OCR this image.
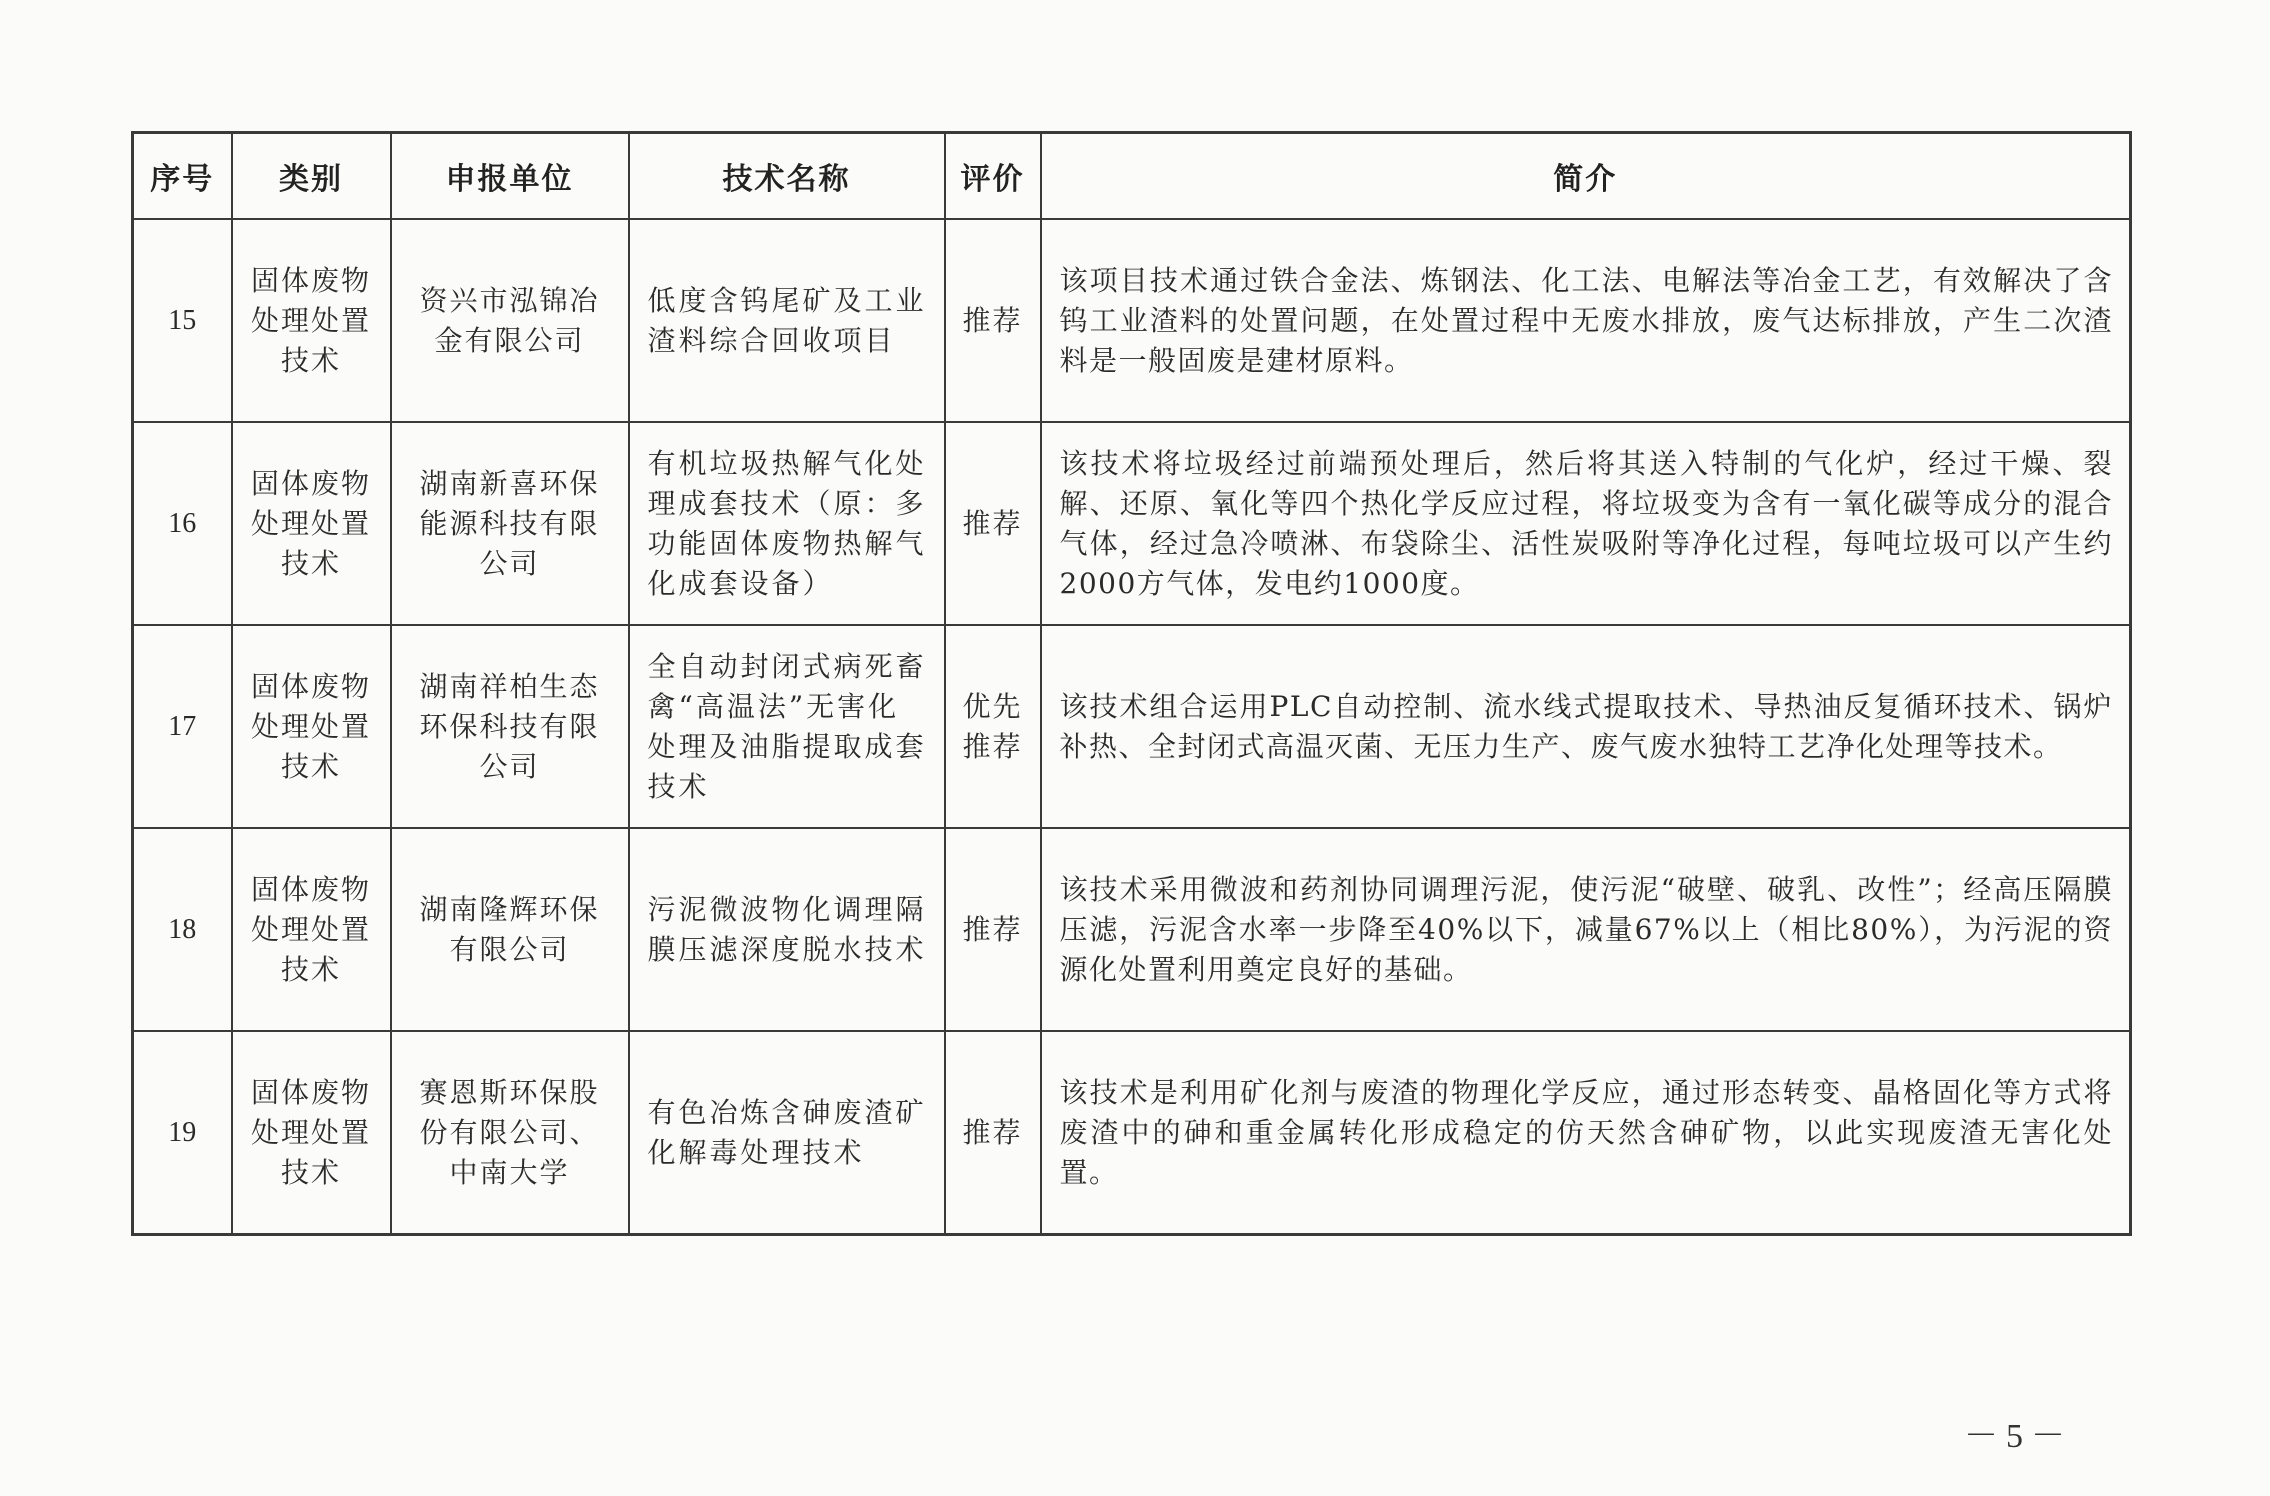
序号	类别	申报单位	技术名称	评价	简介
15	固体废物处理处置技术	资兴市泓锦冶金有限公司	低度含钨尾矿及工业渣料综合回收项目	推荐	该项目技术通过铁合金法、炼钢法、化工法、电解法等冶金工艺，有效解决了含钨工业渣料的处置问题，在处置过程中无废水排放，废气达标排放，产生二次渣料是一般固废是建材原料。

16	固体废物处理处置技术	湖南新喜环保能源科技有限公司	有机垃圾热解气化处理成套技术（原：多功能固体废物热解气化成套设备）	推荐	该技术将垃圾经过前端预处理后，然后将其送入特制的气化炉，经过干燥、裂解、还原、氧化等四个热化学反应过程，将垃圾变为含有一氧化碳等成分的混合气体，经过急冷喷淋、布袋除尘、活性炭吸附等净化过程，每吨垃圾可以产生约2000方气体，发电约1000度。

17	固体废物处理处置技术	湖南祥柏生态环保科技有限公司	全自动封闭式病死畜禽“高温法”无害化处理及油脂提取成套技术	优先推荐	该技术组合运用PLC自动控制、流水线式提取技术、导热油反复循环技术、锅炉补热、全封闭式高温灭菌、无压力生产、废气废水独特工艺净化处理等技术。

18	固体废物处理处置技术	湖南隆辉环保有限公司	污泥微波物化调理隔膜压滤深度脱水技术	推荐	该技术采用微波和药剂协同调理污泥，使污泥“破壁、破乳、改性”；经高压隔膜压滤，污泥含水率一步降至40%以下，减量67%以上（相比80%），为污泥的资源化处置利用奠定良好的基础。

19	固体废物处理处置技术	赛恩斯环保股份有限公司、中南大学	有色冶炼含砷废渣矿化解毒处理技术	推荐	该技术是利用矿化剂与废渣的物理化学反应，通过形态转变、晶格固化等方式将废渣中的砷和重金属转化形成稳定的仿天然含砷矿物，以此实现废渣无害化处置。
－5－
